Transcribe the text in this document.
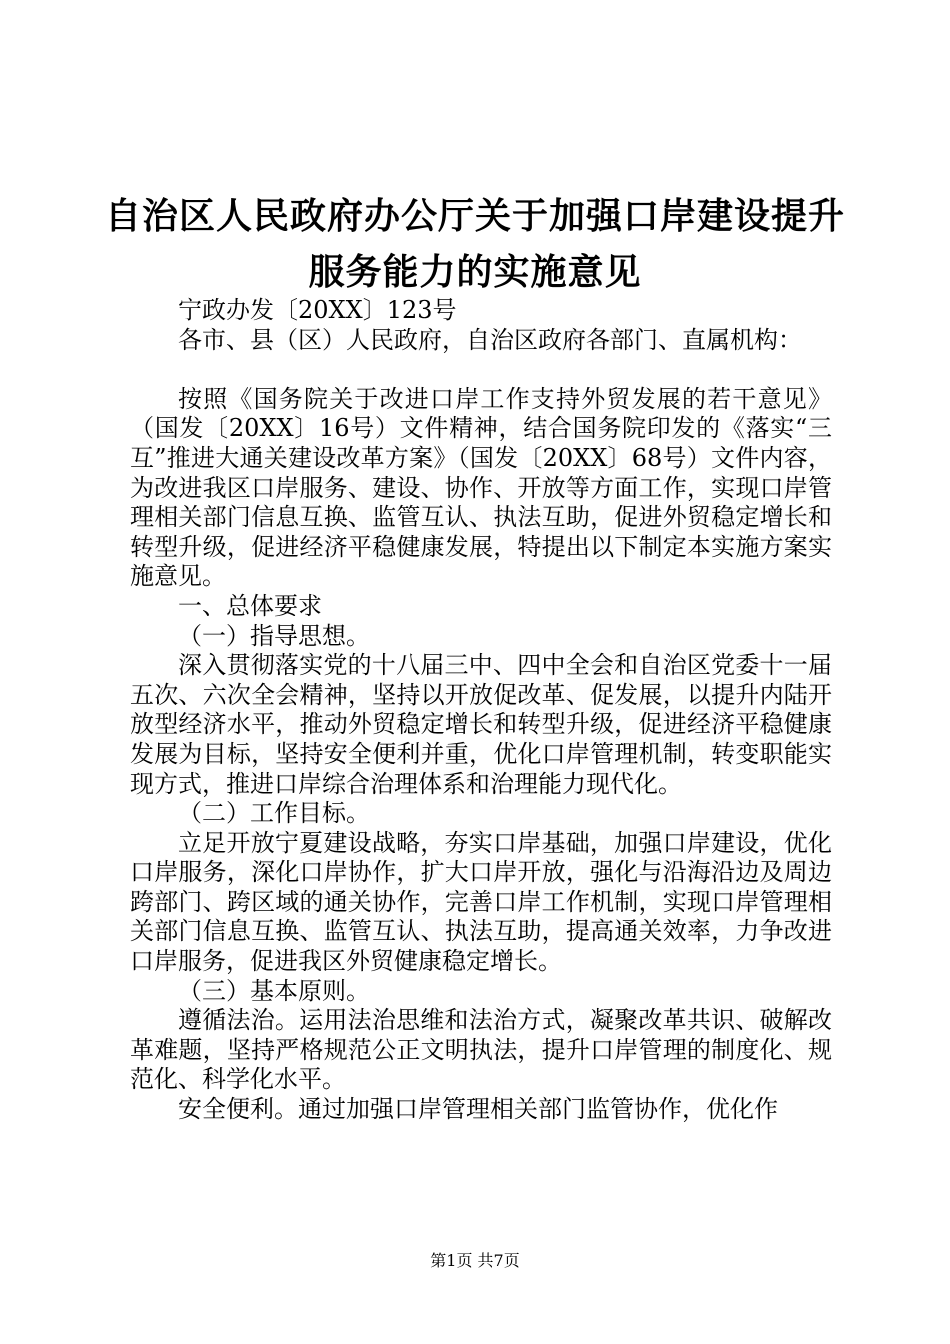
自治区人民政府办公厅关于加强口岸建设提升
服务能力的实施意见

宁政办发〔20XX〕123号

各市、县（区）人民政府，自治区政府各部门、直属机构：

按照《国务院关于改进口岸工作支持外贸发展的若干意见》（国发〔20XX〕16号）文件精神，结合国务院印发的《落实“三互”推进大通关建设改革方案》（国发〔20XX〕68号）文件内容，为改进我区口岸服务、建设、协作、开放等方面工作，实现口岸管理相关部门信息互换、监管互认、执法互助，促进外贸稳定增长和转型升级，促进经济平稳健康发展，特提出以下制定本实施方案实施意见。

一、总体要求

（一）指导思想。

深入贯彻落实党的十八届三中、四中全会和自治区党委十一届五次、六次全会精神，坚持以开放促改革、促发展，以提升内陆开放型经济水平，推动外贸稳定增长和转型升级，促进经济平稳健康发展为目标，坚持安全便利并重，优化口岸管理机制，转变职能实现方式，推进口岸综合治理体系和治理能力现代化。

（二）工作目标。

立足开放宁夏建设战略，夯实口岸基础，加强口岸建设，优化口岸服务，深化口岸协作，扩大口岸开放，强化与沿海沿边及周边跨部门、跨区域的通关协作，完善口岸工作机制，实现口岸管理相关部门信息互换、监管互认、执法互助，提高通关效率，力争改进口岸服务，促进我区外贸健康稳定增长。

（三）基本原则。

遵循法治。运用法治思维和法治方式，凝聚改革共识、破解改革难题，坚持严格规范公正文明执法，提升口岸管理的制度化、规范化、科学化水平。

安全便利。通过加强口岸管理相关部门监管协作，优化作

第1页 共7页
